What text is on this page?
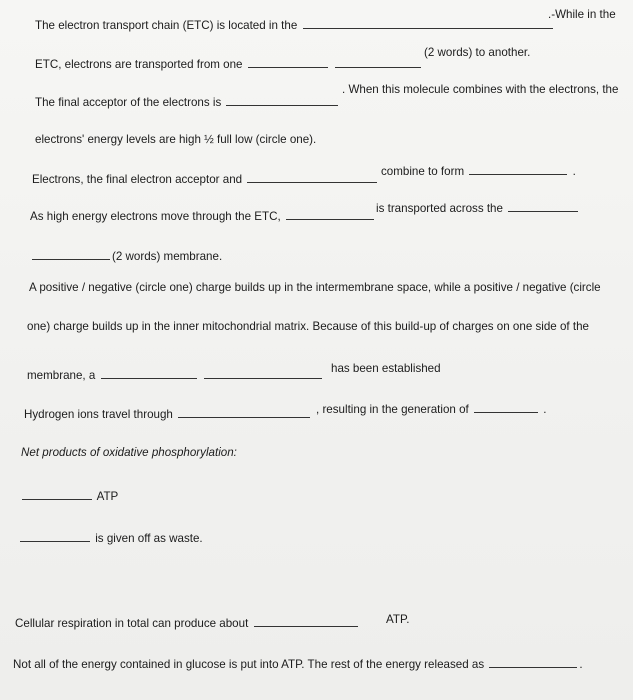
The electron transport chain (ETC) is located in the
.-While in the
ETC, electrons are transported from one
(2 words) to another.
The final acceptor of the electrons is
. When this molecule combines with the electrons, the
electrons' energy levels are high ½ full low (circle one).
Electrons, the final electron acceptor and
combine to form	.
As high energy electrons move through the ETC,
is transported across the
(2 words) membrane.
A positive / negative (circle one) charge builds up in the intermembrane space, while a positive / negative (circle
one) charge builds up in the inner mitochondrial matrix. Because of this build-up of charges on one side of the
membrane, a
has been established
Hydrogen ions travel through	, resulting in the generation of	.
Net products of oxidative phosphorylation:
ATP
is given off as waste.
Cellular respiration in total can produce about	ATP.
Not all of the energy contained in glucose is put into ATP. The rest of the energy released as	.
